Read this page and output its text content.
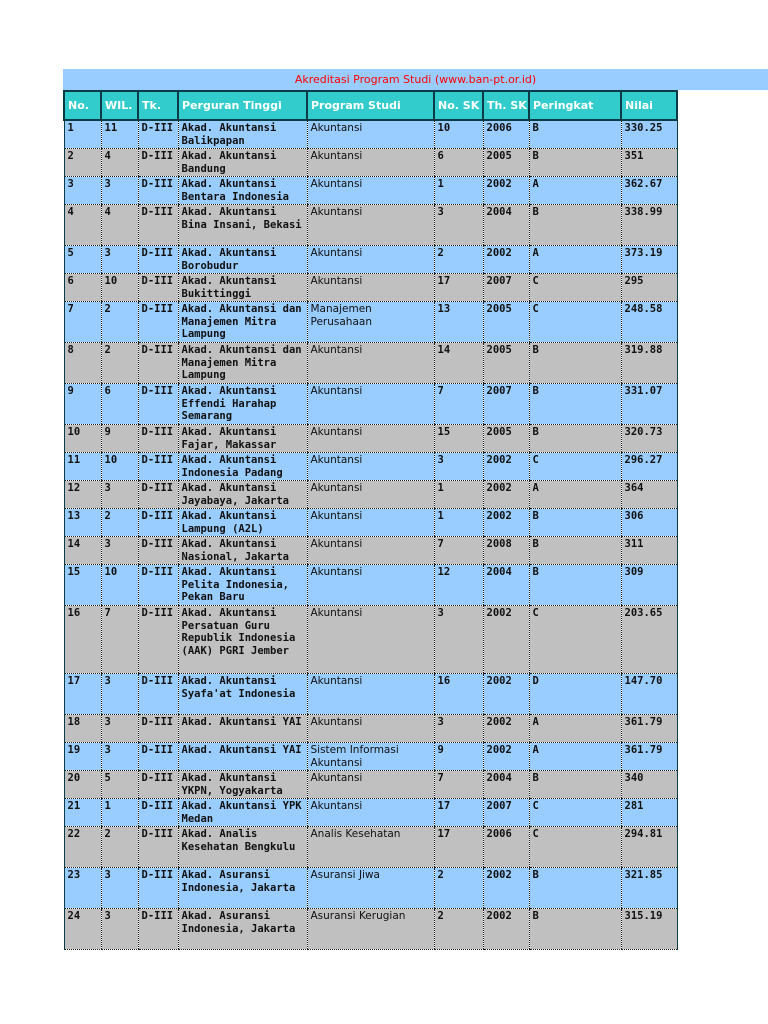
Akreditasi Program Studi (www.ban-pt.or.id)
No.	WIL.	Tk.	Perguran Tinggi	Program Studi	No. SK	Th. SK	Peringkat	Nilai
1	11	D-III	Akad. Akuntansi Balikpapan	Akuntansi	10	2006	B	330.25
2	4	D-III	Akad. Akuntansi Bandung	Akuntansi	6	2005	B	351
3	3	D-III	Akad. Akuntansi Bentara Indonesia	Akuntansi	1	2002	A	362.67
4	4	D-III	Akad. Akuntansi Bina Insani, Bekasi	Akuntansi	3	2004	B	338.99
5	3	D-III	Akad. Akuntansi Borobudur	Akuntansi	2	2002	A	373.19
6	10	D-III	Akad. Akuntansi Bukittinggi	Akuntansi	17	2007	C	295
7	2	D-III	Akad. Akuntansi dan Manajemen Mitra Lampung	Manajemen Perusahaan	13	2005	C	248.58
8	2	D-III	Akad. Akuntansi dan Manajemen Mitra Lampung	Akuntansi	14	2005	B	319.88
9	6	D-III	Akad. Akuntansi Effendi Harahap Semarang	Akuntansi	7	2007	B	331.07
10	9	D-III	Akad. Akuntansi Fajar, Makassar	Akuntansi	15	2005	B	320.73
11	10	D-III	Akad. Akuntansi Indonesia Padang	Akuntansi	3	2002	C	296.27
12	3	D-III	Akad. Akuntansi Jayabaya, Jakarta	Akuntansi	1	2002	A	364
13	2	D-III	Akad. Akuntansi Lampung (A2L)	Akuntansi	1	2002	B	306
14	3	D-III	Akad. Akuntansi Nasional, Jakarta	Akuntansi	7	2008	B	311
15	10	D-III	Akad. Akuntansi Pelita Indonesia, Pekan Baru	Akuntansi	12	2004	B	309
16	7	D-III	Akad. Akuntansi Persatuan Guru Republik Indonesia (AAK) PGRI Jember	Akuntansi	3	2002	C	203.65
17	3	D-III	Akad. Akuntansi Syafa'at Indonesia	Akuntansi	16	2002	D	147.70
18	3	D-III	Akad. Akuntansi YAI	Akuntansi	3	2002	A	361.79
19	3	D-III	Akad. Akuntansi YAI	Sistem Informasi Akuntansi	9	2002	A	361.79
20	5	D-III	Akad. Akuntansi YKPN, Yogyakarta	Akuntansi	7	2004	B	340
21	1	D-III	Akad. Akuntansi YPK Medan	Akuntansi	17	2007	C	281
22	2	D-III	Akad. Analis Kesehatan Bengkulu	Analis Kesehatan	17	2006	C	294.81
23	3	D-III	Akad. Asuransi Indonesia, Jakarta	Asuransi Jiwa	2	2002	B	321.85
24	3	D-III	Akad. Asuransi Indonesia, Jakarta	Asuransi Kerugian	2	2002	B	315.19
